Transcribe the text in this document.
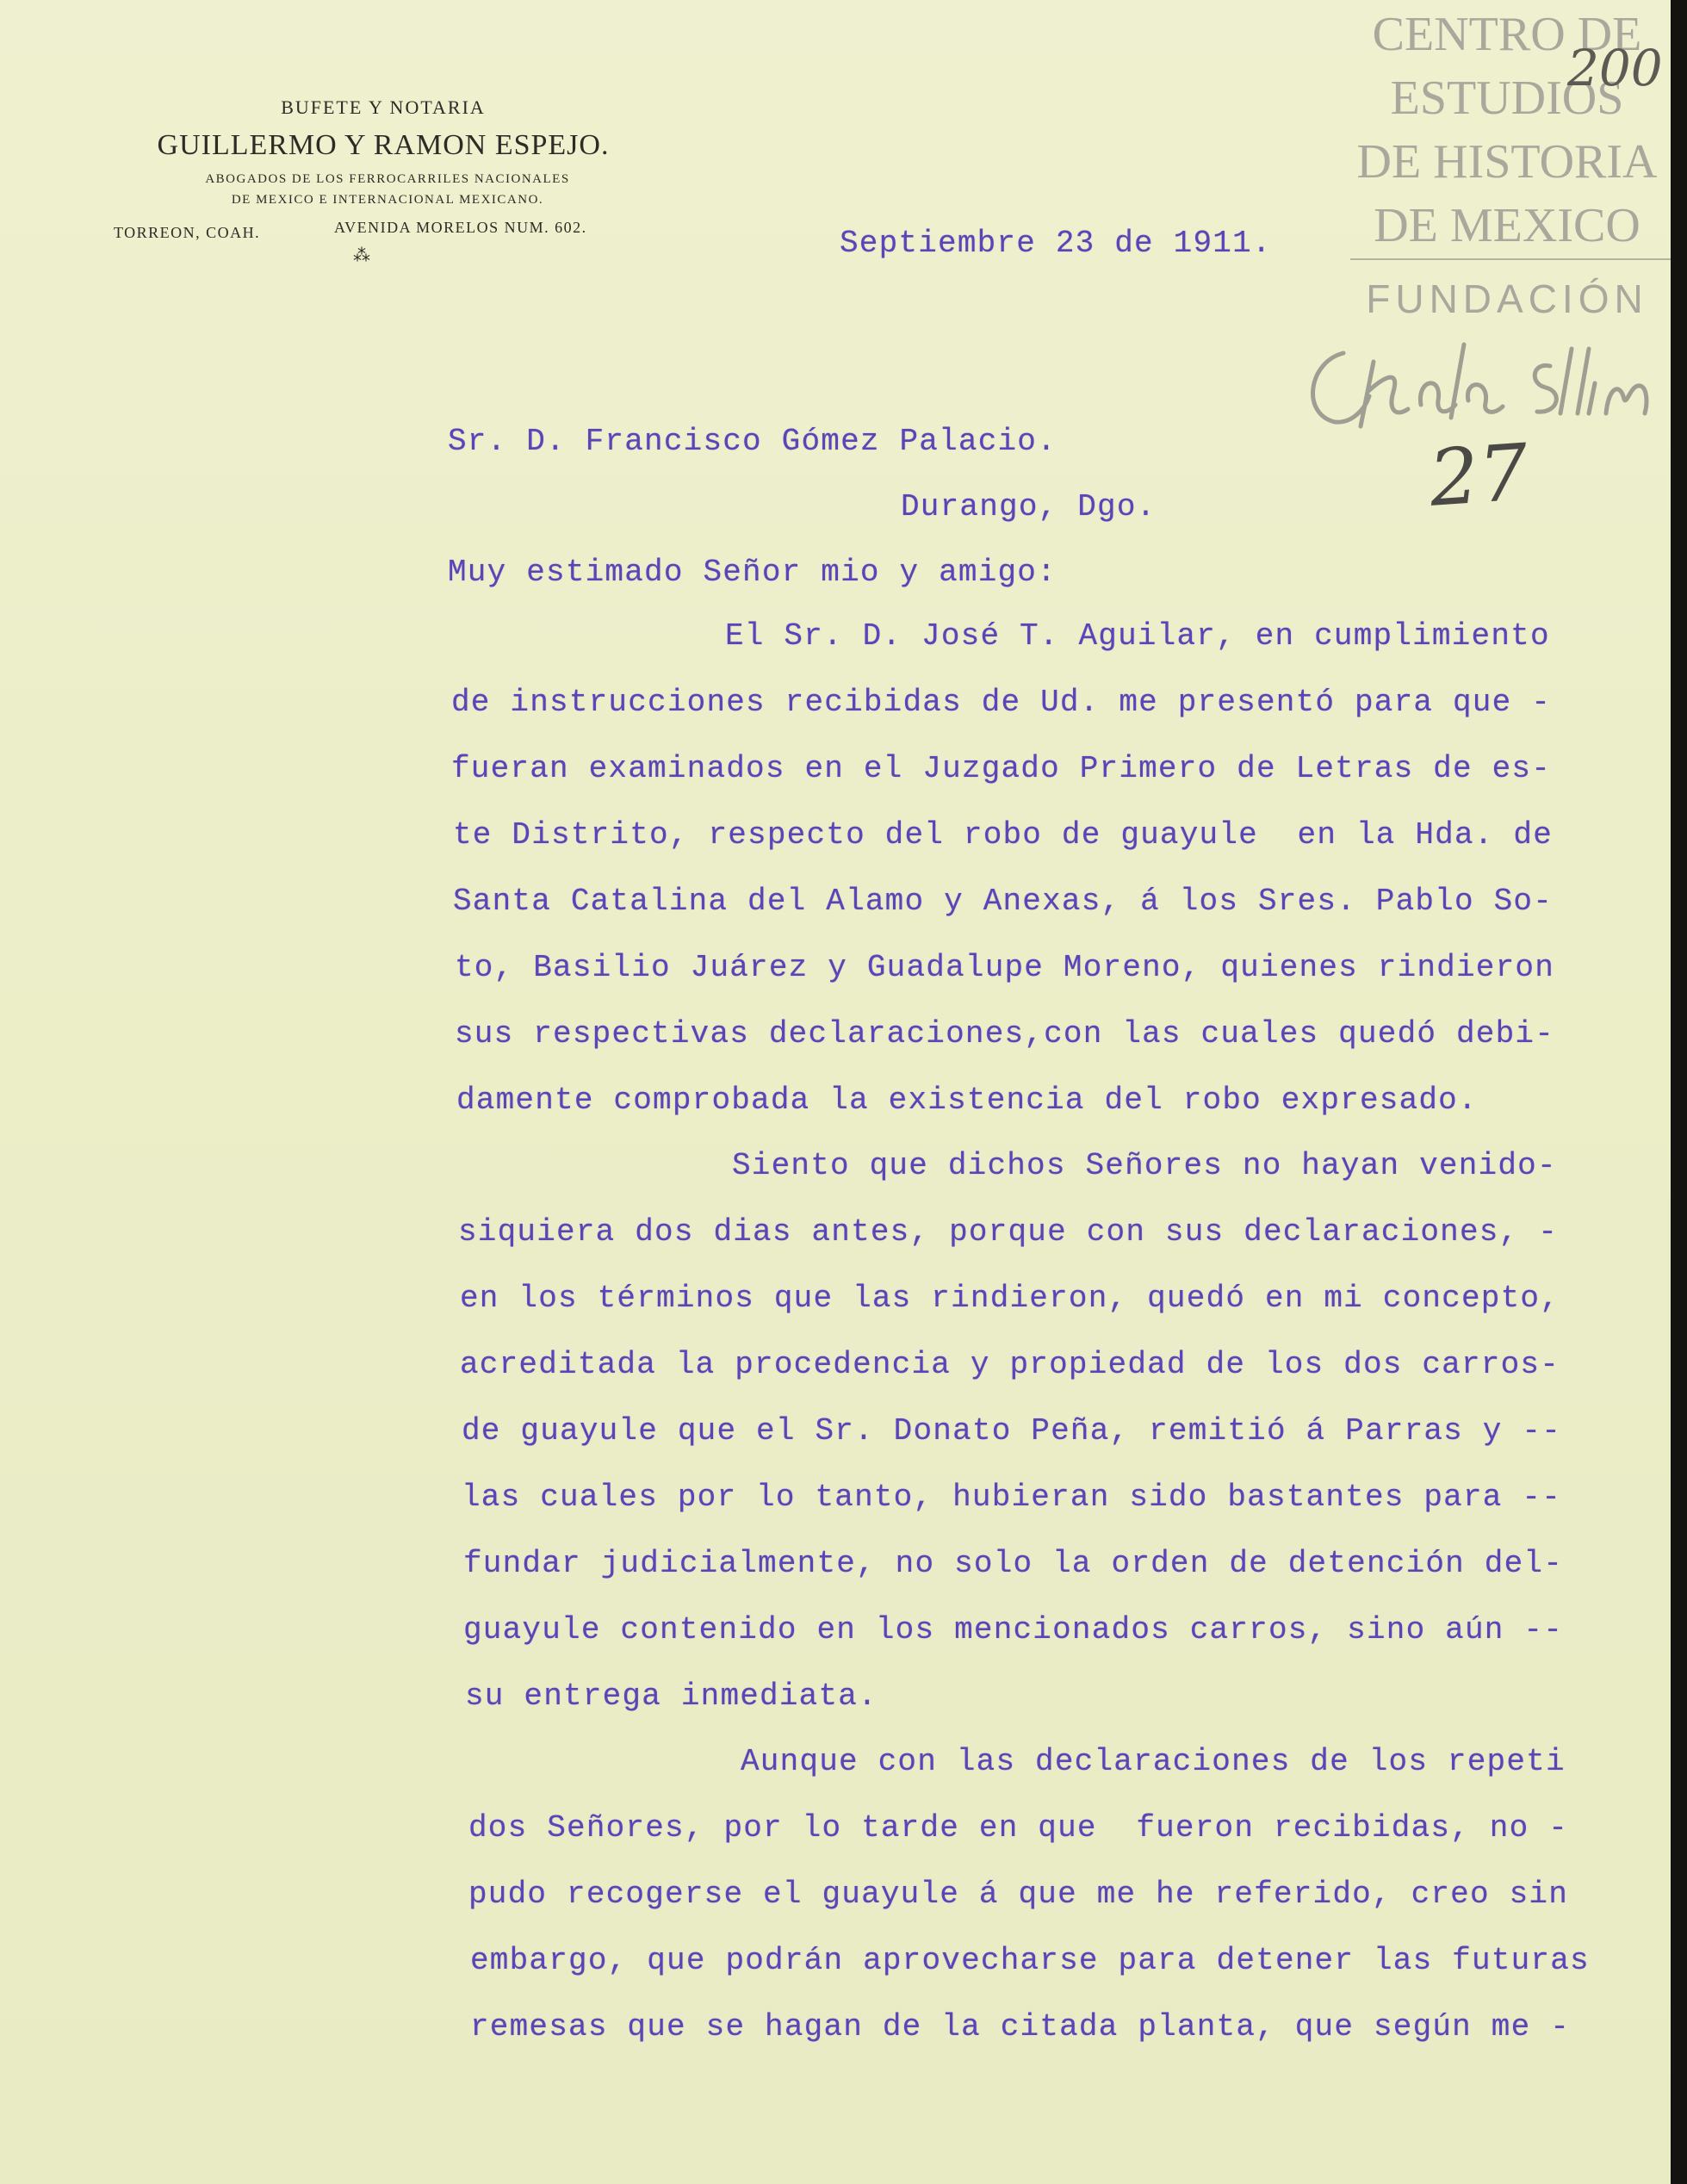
BUFETE Y NOTARIA
GUILLERMO Y RAMON ESPEJO.
ABOGADOS DE LOS FERROCARRILES NACIONALES
DE MEXICO E INTERNACIONAL MEXICANO.
TORREON, COAH.	AVENIDA MORELOS NUM. 602.
⁂
CENTRO DE
ESTUDIOS
DE HISTORIA
DE MEXICO
FUNDACIÓN
200
27
Septiembre 23 de 1911.
Sr. D. Francisco Gómez Palacio.
Durango, Dgo.
Muy estimado Señor mio y amigo:
El Sr. D. José T. Aguilar, en cumplimiento
de instrucciones recibidas de Ud. me presentó para que -
fueran examinados en el Juzgado Primero de Letras de es-
te Distrito, respecto del robo de guayule  en la Hda. de
Santa Catalina del Alamo y Anexas, á los Sres. Pablo So-
to, Basilio Juárez y Guadalupe Moreno, quienes rindieron
sus respectivas declaraciones,con las cuales quedó debi-
damente comprobada la existencia del robo expresado.
Siento que dichos Señores no hayan venido-
siquiera dos dias antes, porque con sus declaraciones, -
en los términos que las rindieron, quedó en mi concepto,
acreditada la procedencia y propiedad de los dos carros-
de guayule que el Sr. Donato Peña, remitió á Parras y --
las cuales por lo tanto, hubieran sido bastantes para --
fundar judicialmente, no solo la orden de detención del-
guayule contenido en los mencionados carros, sino aún --
su entrega inmediata.
Aunque con las declaraciones de los repeti
dos Señores, por lo tarde en que  fueron recibidas, no -
pudo recogerse el guayule á que me he referido, creo sin
embargo, que podrán aprovecharse para detener las futuras
remesas que se hagan de la citada planta, que según me -
